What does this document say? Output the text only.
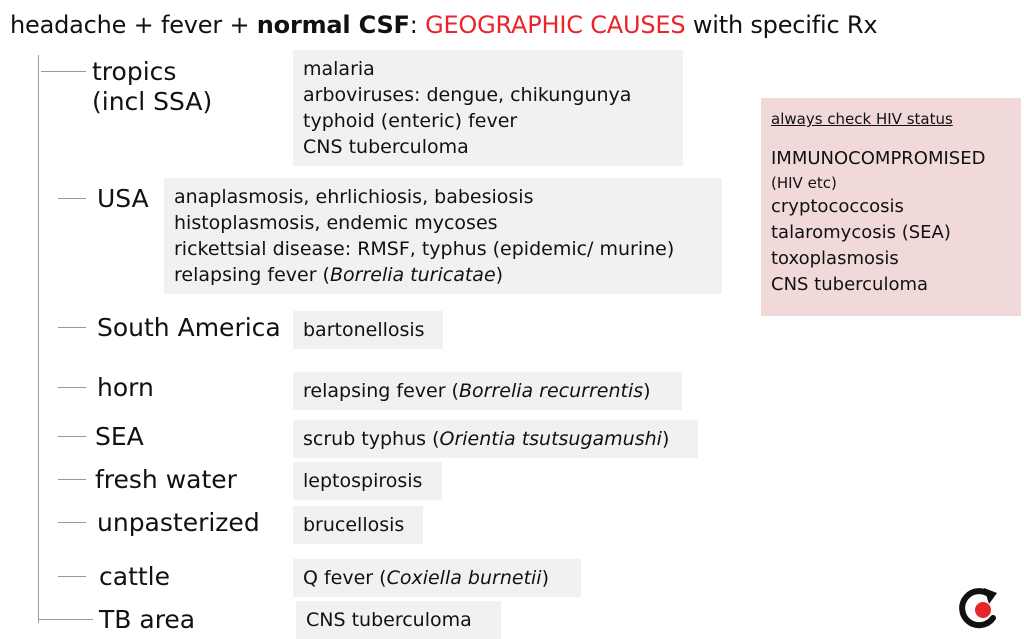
headache + fever + normal CSF: GEOGRAPHIC CAUSES with specific Rx
tropics
(incl SSA)
malaria
arboviruses: dengue, chikungunya
typhoid (enteric) fever
CNS tuberculoma
USA anaplasmosis, ehrlichiosis, babesiosis
histoplasmosis, endemic mycoses
rickettsial disease: RMSF, typhus (epidemic/ murine)
relapsing fever (Borrelia turicatae)
South America bartonellosis
horn	relapsing fever (Borrelia recurrentis)
SEA	scrub typhus (Orientia tsutsugamushi)
fresh water	leptospirosis
unpasterized brucellosis
cattle	Q fever (Coxiella burnetii)
TB area	CNS tuberculoma
always check HIV status
IMMUNOCOMPROMISED
(HIV etc)
cryptococcosis
talaromycosis (SEA)
toxoplasmosis
CNS tuberculoma
